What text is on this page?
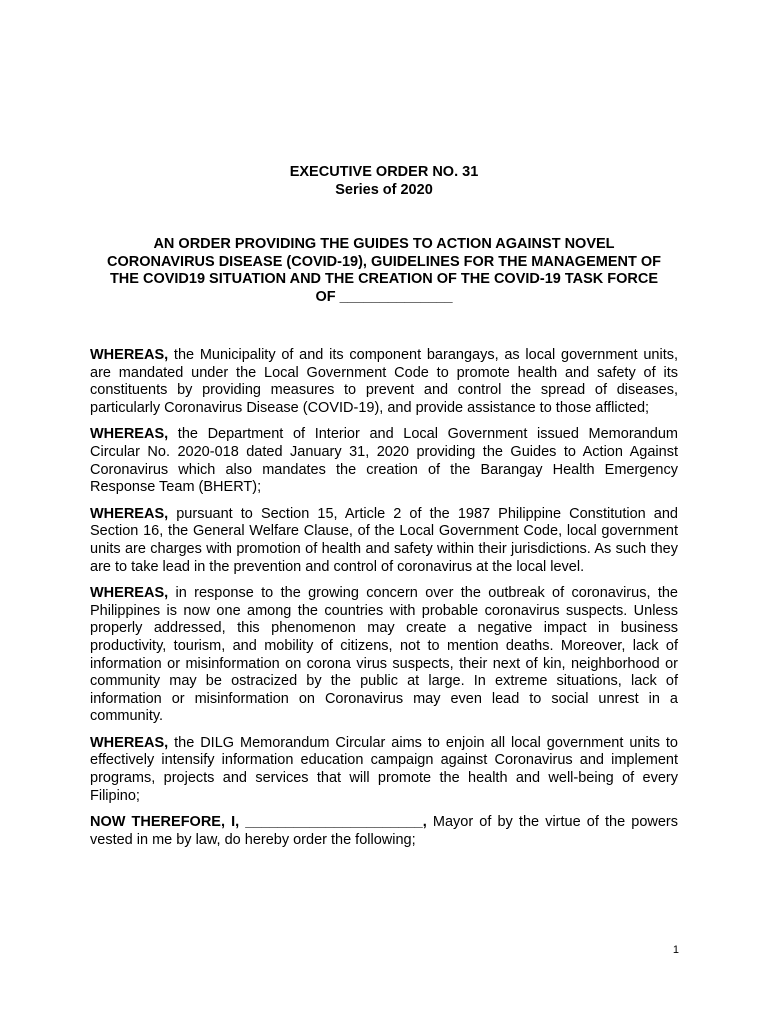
EXECUTIVE ORDER NO. 31
Series of 2020
AN ORDER PROVIDING THE GUIDES TO ACTION AGAINST NOVEL
CORONAVIRUS DISEASE (COVID-19), GUIDELINES FOR THE MANAGEMENT OF
THE COVID19 SITUATION AND THE CREATION OF THE COVID-19 TASK FORCE
OF ______________

WHEREAS, the Municipality of and its component barangays, as local government units, are mandated under the Local Government Code to promote health and safety of its constituents by providing measures to prevent and control the spread of diseases, particularly Coronavirus Disease (COVID-19), and provide assistance to those afflicted;

WHEREAS, the Department of Interior and Local Government issued Memorandum Circular No. 2020-018 dated January 31, 2020 providing the Guides to Action Against Coronavirus which also mandates the creation of the Barangay Health Emergency Response Team (BHERT);

WHEREAS, pursuant to Section 15, Article 2 of the 1987 Philippine Constitution and Section 16, the General Welfare Clause, of the Local Government Code, local government units are charges with promotion of health and safety within their jurisdictions. As such they are to take lead in the prevention and control of coronavirus at the local level.

WHEREAS, in response to the growing concern over the outbreak of coronavirus, the Philippines is now one among the countries with probable coronavirus suspects. Unless properly addressed, this phenomenon may create a negative impact in business productivity, tourism, and mobility of citizens, not to mention deaths. Moreover, lack of information or misinformation on corona virus suspects, their next of kin, neighborhood or community may be ostracized by the public at large. In extreme situations, lack of information or misinformation on Coronavirus may even lead to social unrest in a community.

WHEREAS, the DILG Memorandum Circular aims to enjoin all local government units to effectively intensify information education campaign against Coronavirus and implement programs, projects and services that will promote the health and well-being of every Filipino;

NOW THEREFORE, I, ______________________, Mayor of by the virtue of the powers vested in me by law, do hereby order the following;

1
